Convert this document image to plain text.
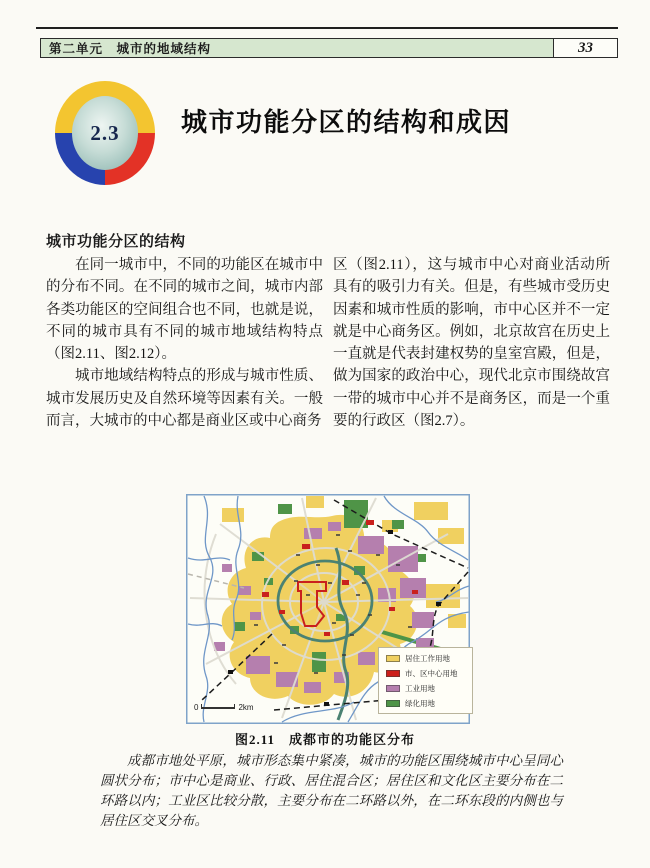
第二单元　城市的地域结构	33
2.3	城市功能分区的结构和成因
城市功能分区的结构

在同一城市中，不同的功能区在城市中的分布不同。在不同的城市之间，城市内部各类功能区的空间组合也不同，也就是说，不同的城市具有不同的城市地域结构特点（图2.11、图2.12）。

城市地域结构特点的形成与城市性质、城市发展历史及自然环境等因素有关。一般而言，大城市的中心都是商业区或中心商务

区（图2.11），这与城市中心对商业活动所具有的吸引力有关。但是，有些城市受历史因素和城市性质的影响，市中心区并不一定就是中心商务区。例如，北京故宫在历史上一直就是代表封建权势的皇室宫殿，但是，做为国家的政治中心，现代北京市围绕故宫一带的城市中心并不是商务区，而是一个重要的行政区（图2.7）。

0	2km
居住工作用地
市、区中心用地
工业用地
绿化用地
图2.11　成都市的功能区分布
成都市地处平原，城市形态集中紧凑，城市的功能区围绕城市中心呈同心圆状分布；市中心是商业、行政、居住混合区；居住区和文化区主要分布在二环路以内；工业区比较分散，主要分布在二环路以外，在二环东段的内侧也与居住区交叉分布。
